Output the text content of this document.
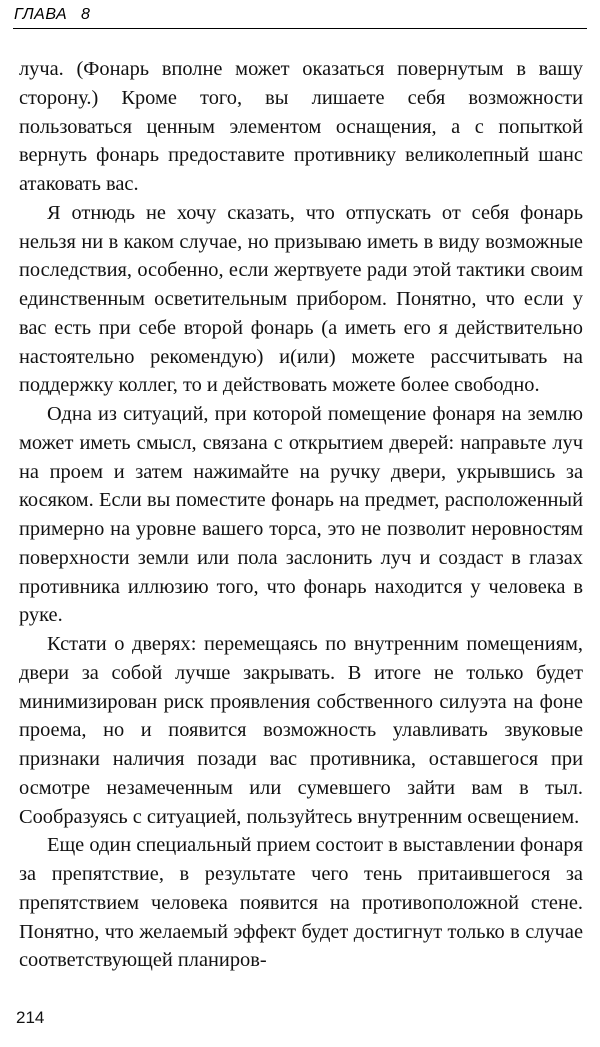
ГЛАВА 8

луча. (Фонарь вполне может оказаться повернутым в вашу сторону.) Кроме того, вы лишаете себя возможности пользоваться ценным элементом оснащения, а с попыткой вернуть фонарь предоставите противнику великолепный шанс атаковать вас.

Я отнюдь не хочу сказать, что отпускать от себя фонарь нельзя ни в каком случае, но призываю иметь в виду возможные последствия, особенно, если жертвуете ради этой тактики своим единственным осветительным прибором. Понятно, что если у вас есть при себе второй фонарь (а иметь его я действительно настоятельно рекомендую) и(или) можете рассчитывать на поддержку коллег, то и действовать можете более свободно.

Одна из ситуаций, при которой помещение фонаря на землю может иметь смысл, связана с открытием дверей: направьте луч на проем и затем нажимайте на ручку двери, укрывшись за косяком. Если вы поместите фонарь на предмет, расположенный примерно на уровне вашего торса, это не позволит неровностям поверхности земли или пола заслонить луч и создаст в глазах противника иллюзию того, что фонарь находится у человека в руке.

Кстати о дверях: перемещаясь по внутренним помещениям, двери за собой лучше закрывать. В итоге не только будет минимизирован риск проявления собственного силуэта на фоне проема, но и появится возможность улавливать звуковые признаки наличия позади вас противника, оставшегося при осмотре незамеченным или сумевшего зайти вам в тыл. Сообразуясь с ситуацией, пользуйтесь внутренним освещением.

Еще один специальный прием состоит в выставлении фонаря за препятствие, в результате чего тень притаившегося за препятствием человека появится на противоположной стене. Понятно, что желаемый эффект будет достигнут только в случае соответствующей планиров-

214
